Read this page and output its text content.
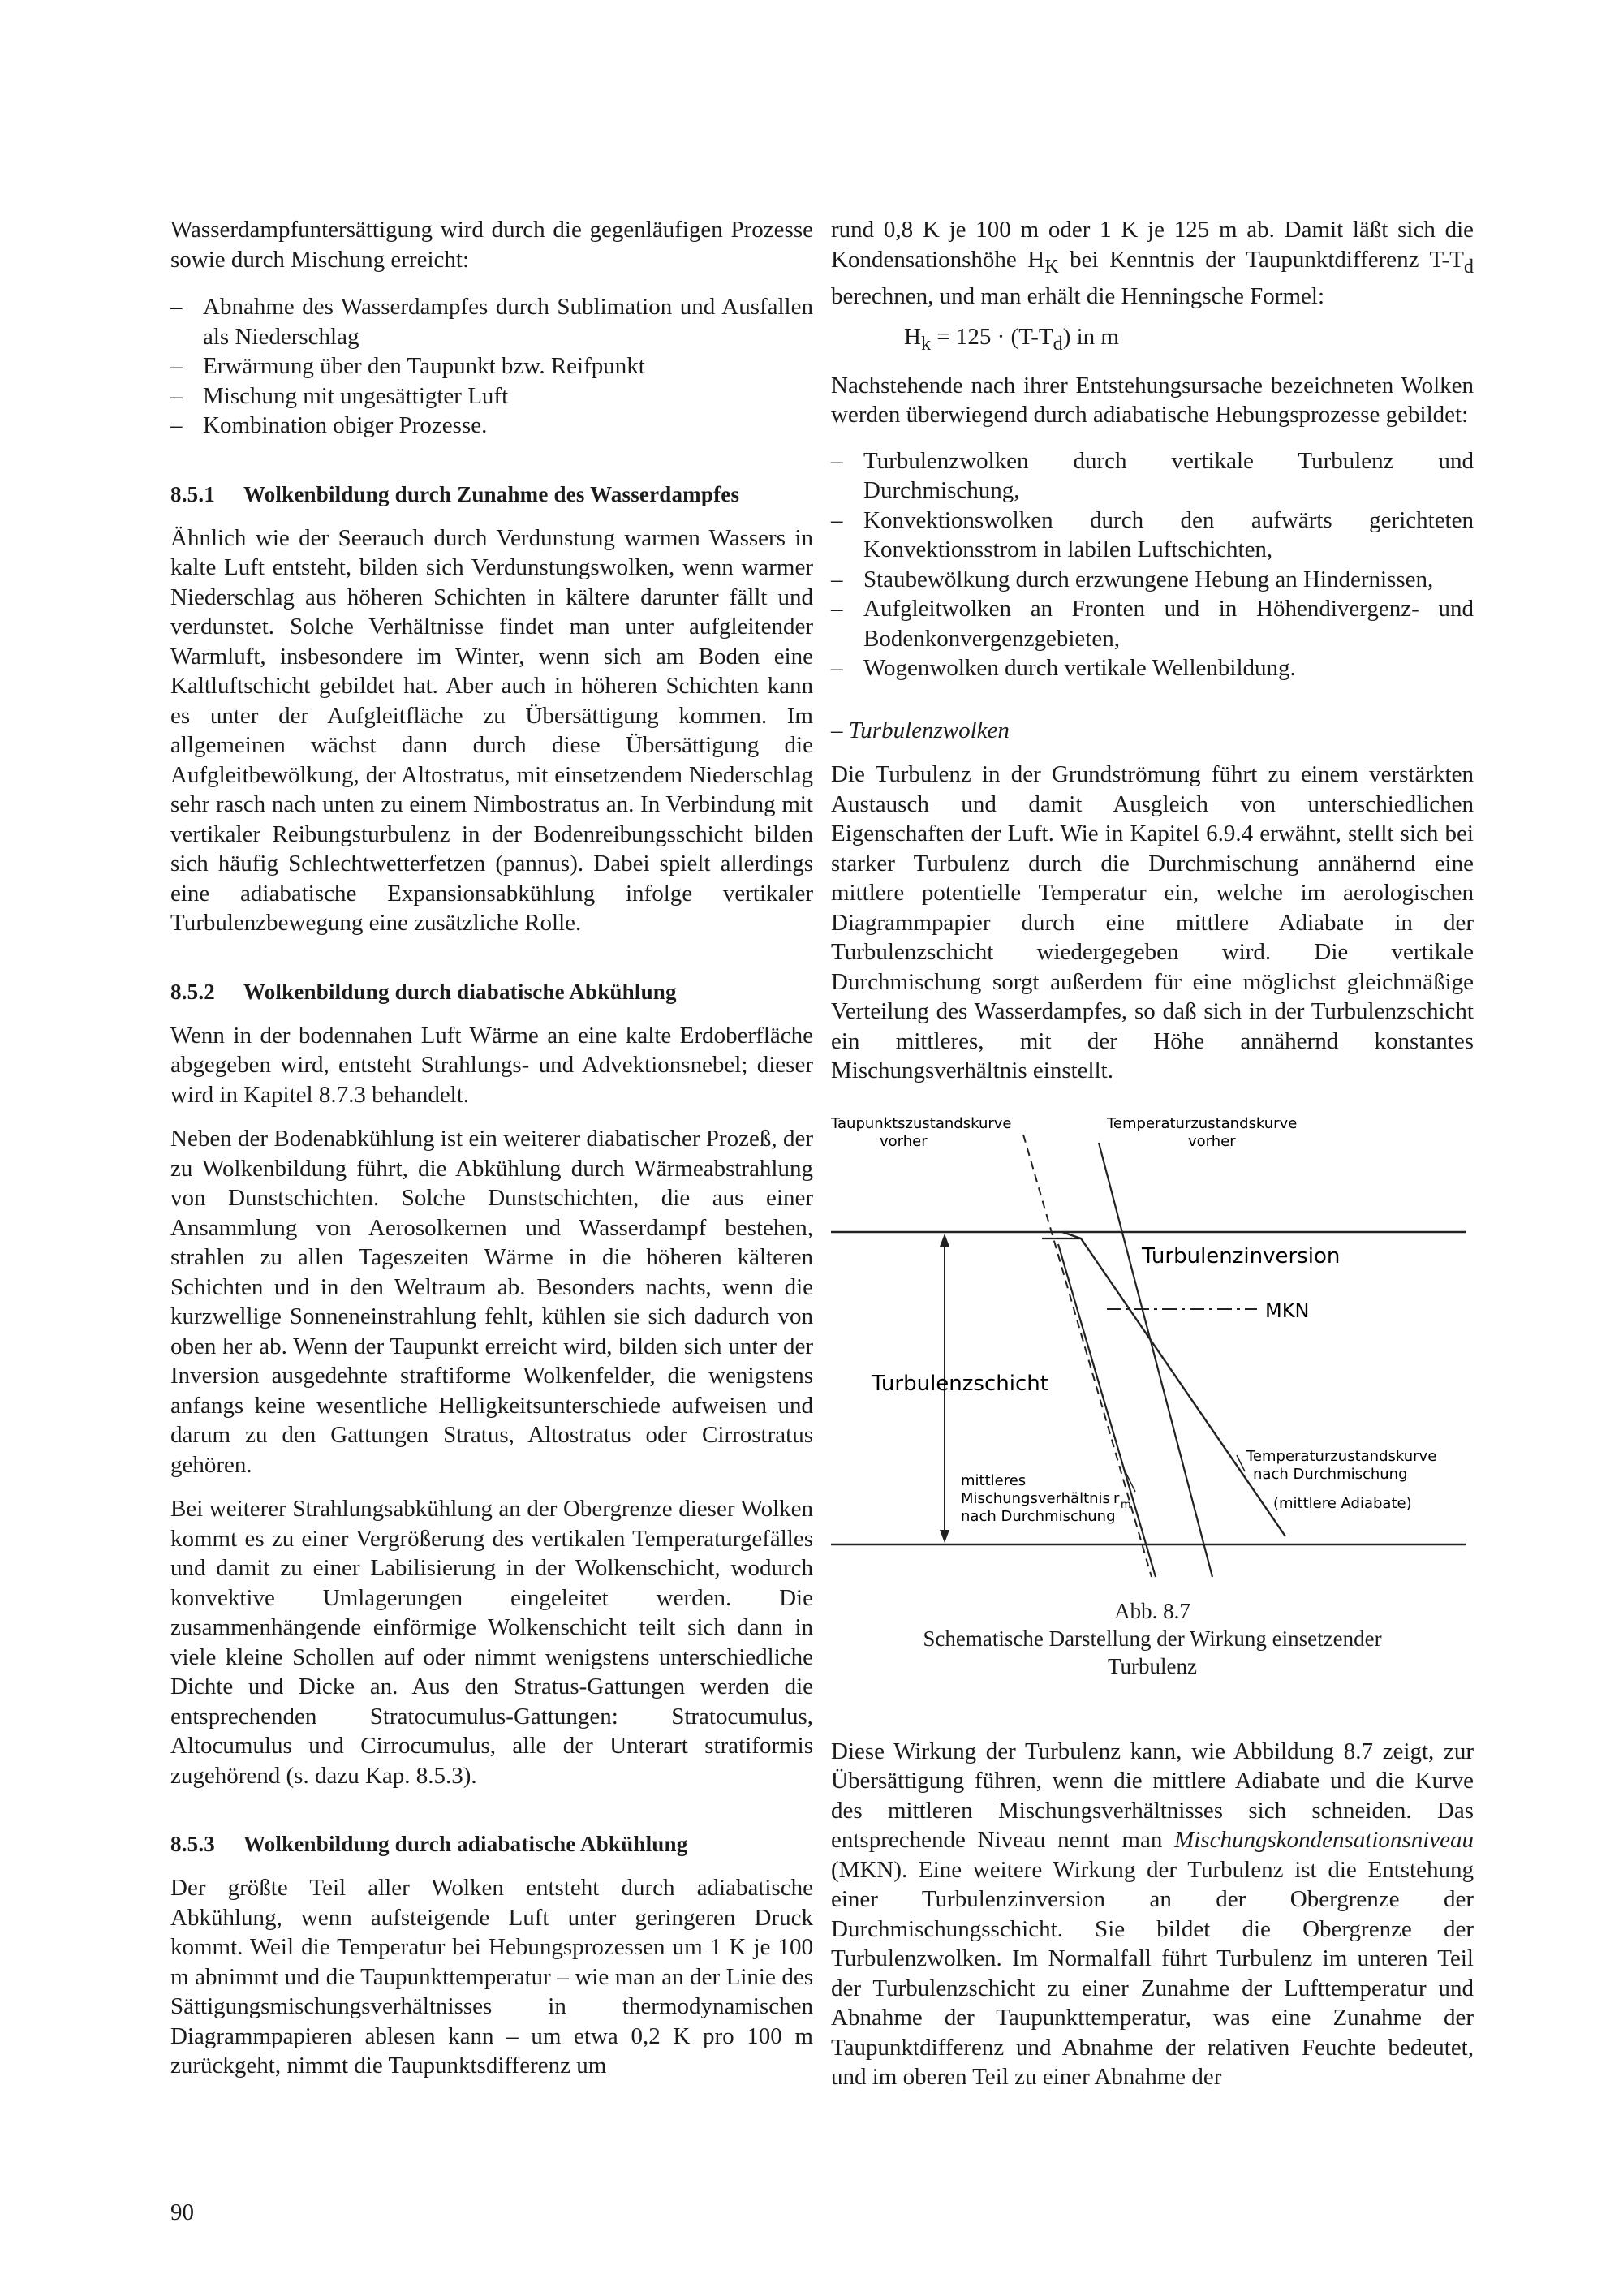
Wasserdampfuntersättigung wird durch die gegenläufigen Prozesse sowie durch Mischung erreicht:

– Abnahme des Wasserdampfes durch Sublimation und Ausfallen als Niederschlag
– Erwärmung über den Taupunkt bzw. Reifpunkt
– Mischung mit ungesättigter Luft
– Kombination obiger Prozesse.
8.5.1 Wolkenbildung durch Zunahme des Wasserdampfes

Ähnlich wie der Seerauch durch Verdunstung warmen Wassers in kalte Luft entsteht, bilden sich Verdunstungswolken, wenn warmer Niederschlag aus höheren Schichten in kältere darunter fällt und verdunstet. Solche Verhältnisse findet man unter aufgleitender Warmluft, insbesondere im Winter, wenn sich am Boden eine Kaltluftschicht gebildet hat. Aber auch in höheren Schichten kann es unter der Aufgleitfläche zu Übersättigung kommen. Im allgemeinen wächst dann durch diese Übersättigung die Aufgleitbewölkung, der Altostratus, mit einsetzendem Niederschlag sehr rasch nach unten zu einem Nimbostratus an. In Verbindung mit vertikaler Reibungsturbulenz in der Bodenreibungsschicht bilden sich häufig Schlechtwetterfetzen (pannus). Dabei spielt allerdings eine adiabatische Expansionsabkühlung infolge vertikaler Turbulenzbewegung eine zusätzliche Rolle.

8.5.2 Wolkenbildung durch diabatische Abkühlung

Wenn in der bodennahen Luft Wärme an eine kalte Erdoberfläche abgegeben wird, entsteht Strahlungs- und Advektionsnebel; dieser wird in Kapitel 8.7.3 behandelt.

Neben der Bodenabkühlung ist ein weiterer diabatischer Prozeß, der zu Wolkenbildung führt, die Abkühlung durch Wärmeabstrahlung von Dunstschichten. Solche Dunstschichten, die aus einer Ansammlung von Aerosolkernen und Wasserdampf bestehen, strahlen zu allen Tageszeiten Wärme in die höheren kälteren Schichten und in den Weltraum ab. Besonders nachts, wenn die kurzwellige Sonneneinstrahlung fehlt, kühlen sie sich dadurch von oben her ab. Wenn der Taupunkt erreicht wird, bilden sich unter der Inversion ausgedehnte straftiforme Wolkenfelder, die wenigstens anfangs keine wesentliche Helligkeitsunterschiede aufweisen und darum zu den Gattungen Stratus, Altostratus oder Cirrostratus gehören.

Bei weiterer Strahlungsabkühlung an der Obergrenze dieser Wolken kommt es zu einer Vergrößerung des vertikalen Temperaturgefälles und damit zu einer Labilisierung in der Wolkenschicht, wodurch konvektive Umlagerungen eingeleitet werden. Die zusammenhängende einförmige Wolkenschicht teilt sich dann in viele kleine Schollen auf oder nimmt wenigstens unterschiedliche Dichte und Dicke an. Aus den Stratus-Gattungen werden die entsprechenden Stratocumulus-Gattungen: Stratocumulus, Altocumulus und Cirrocumulus, alle der Unterart stratiformis zugehörend (s. dazu Kap. 8.5.3).

8.5.3 Wolkenbildung durch adiabatische Abkühlung

Der größte Teil aller Wolken entsteht durch adiabatische Abkühlung, wenn aufsteigende Luft unter geringeren Druck kommt. Weil die Temperatur bei Hebungsprozessen um 1 K je 100 m abnimmt und die Taupunkttemperatur – wie man an der Linie des Sättigungsmischungsverhältnisses in thermodynamischen Diagrammpapieren ablesen kann – um etwa 0,2 K pro 100 m zurückgeht, nimmt die Taupunktsdifferenz um

rund 0,8 K je 100 m oder 1 K je 125 m ab. Damit läßt sich die Kondensationshöhe $H_K$ bei Kenntnis der Taupunktdifferenz $T-T_d$ berechnen, und man erhält die Henningsche Formel:

$H_k = 125 \cdot (T-T_d)$ in m

Nachstehende nach ihrer Entstehungsursache bezeichneten Wolken werden überwiegend durch adiabatische Hebungsprozesse gebildet:

– Turbulenzwolken durch vertikale Turbulenz und Durchmischung,
– Konvektionswolken durch den aufwärts gerichteten Konvektionsstrom in labilen Luftschichten,
– Staubewölkung durch erzwungene Hebung an Hindernissen,
– Aufgleitwolken an Fronten und in Höhendivergenz- und Bodenkonvergenzgebieten,
– Wogenwolken durch vertikale Wellenbildung.

– Turbulenzwolken

Die Turbulenz in der Grundströmung führt zu einem verstärkten Austausch und damit Ausgleich von unterschiedlichen Eigenschaften der Luft. Wie in Kapitel 6.9.4 erwähnt, stellt sich bei starker Turbulenz durch die Durchmischung annähernd eine mittlere potentielle Temperatur ein, welche im aerologischen Diagrammpapier durch eine mittlere Adiabate in der Turbulenzschicht wiedergegeben wird. Die vertikale Durchmischung sorgt außerdem für eine möglichst gleichmäßige Verteilung des Wasserdampfes, so daß sich in der Turbulenzschicht ein mittleres, mit der Höhe annähernd konstantes Mischungsverhältnis einstellt.

Taupunktszustandskurve
vorher
Temperaturzustandskurve
vorher
Turbulenzinversion
MKN
Turbulenzschicht
mittleres
Mischungsverhältnis r m
nach Durchmischung
Temperaturzustandskurve
nach Durchmischung
(mittlere Adiabate)

Abb. 8.7

Schematische Darstellung der Wirkung einsetzender Turbulenz

Diese Wirkung der Turbulenz kann, wie Abbildung 8.7 zeigt, zur Übersättigung führen, wenn die mittlere Adiabate und die Kurve des mittleren Mischungsverhältnisses sich schneiden. Das entsprechende Niveau nennt man Mischungskondensationsniveau (MKN). Eine weitere Wirkung der Turbulenz ist die Entstehung einer Turbulenzinversion an der Obergrenze der Durchmischungsschicht. Sie bildet die Obergrenze der Turbulenzwolken. Im Normalfall führt Turbulenz im unteren Teil der Turbulenzschicht zu einer Zunahme der Lufttemperatur und Abnahme der Taupunkttemperatur, was eine Zunahme der Taupunktdifferenz und Abnahme der relativen Feuchte bedeutet, und im oberen Teil zu einer Abnahme der

90
